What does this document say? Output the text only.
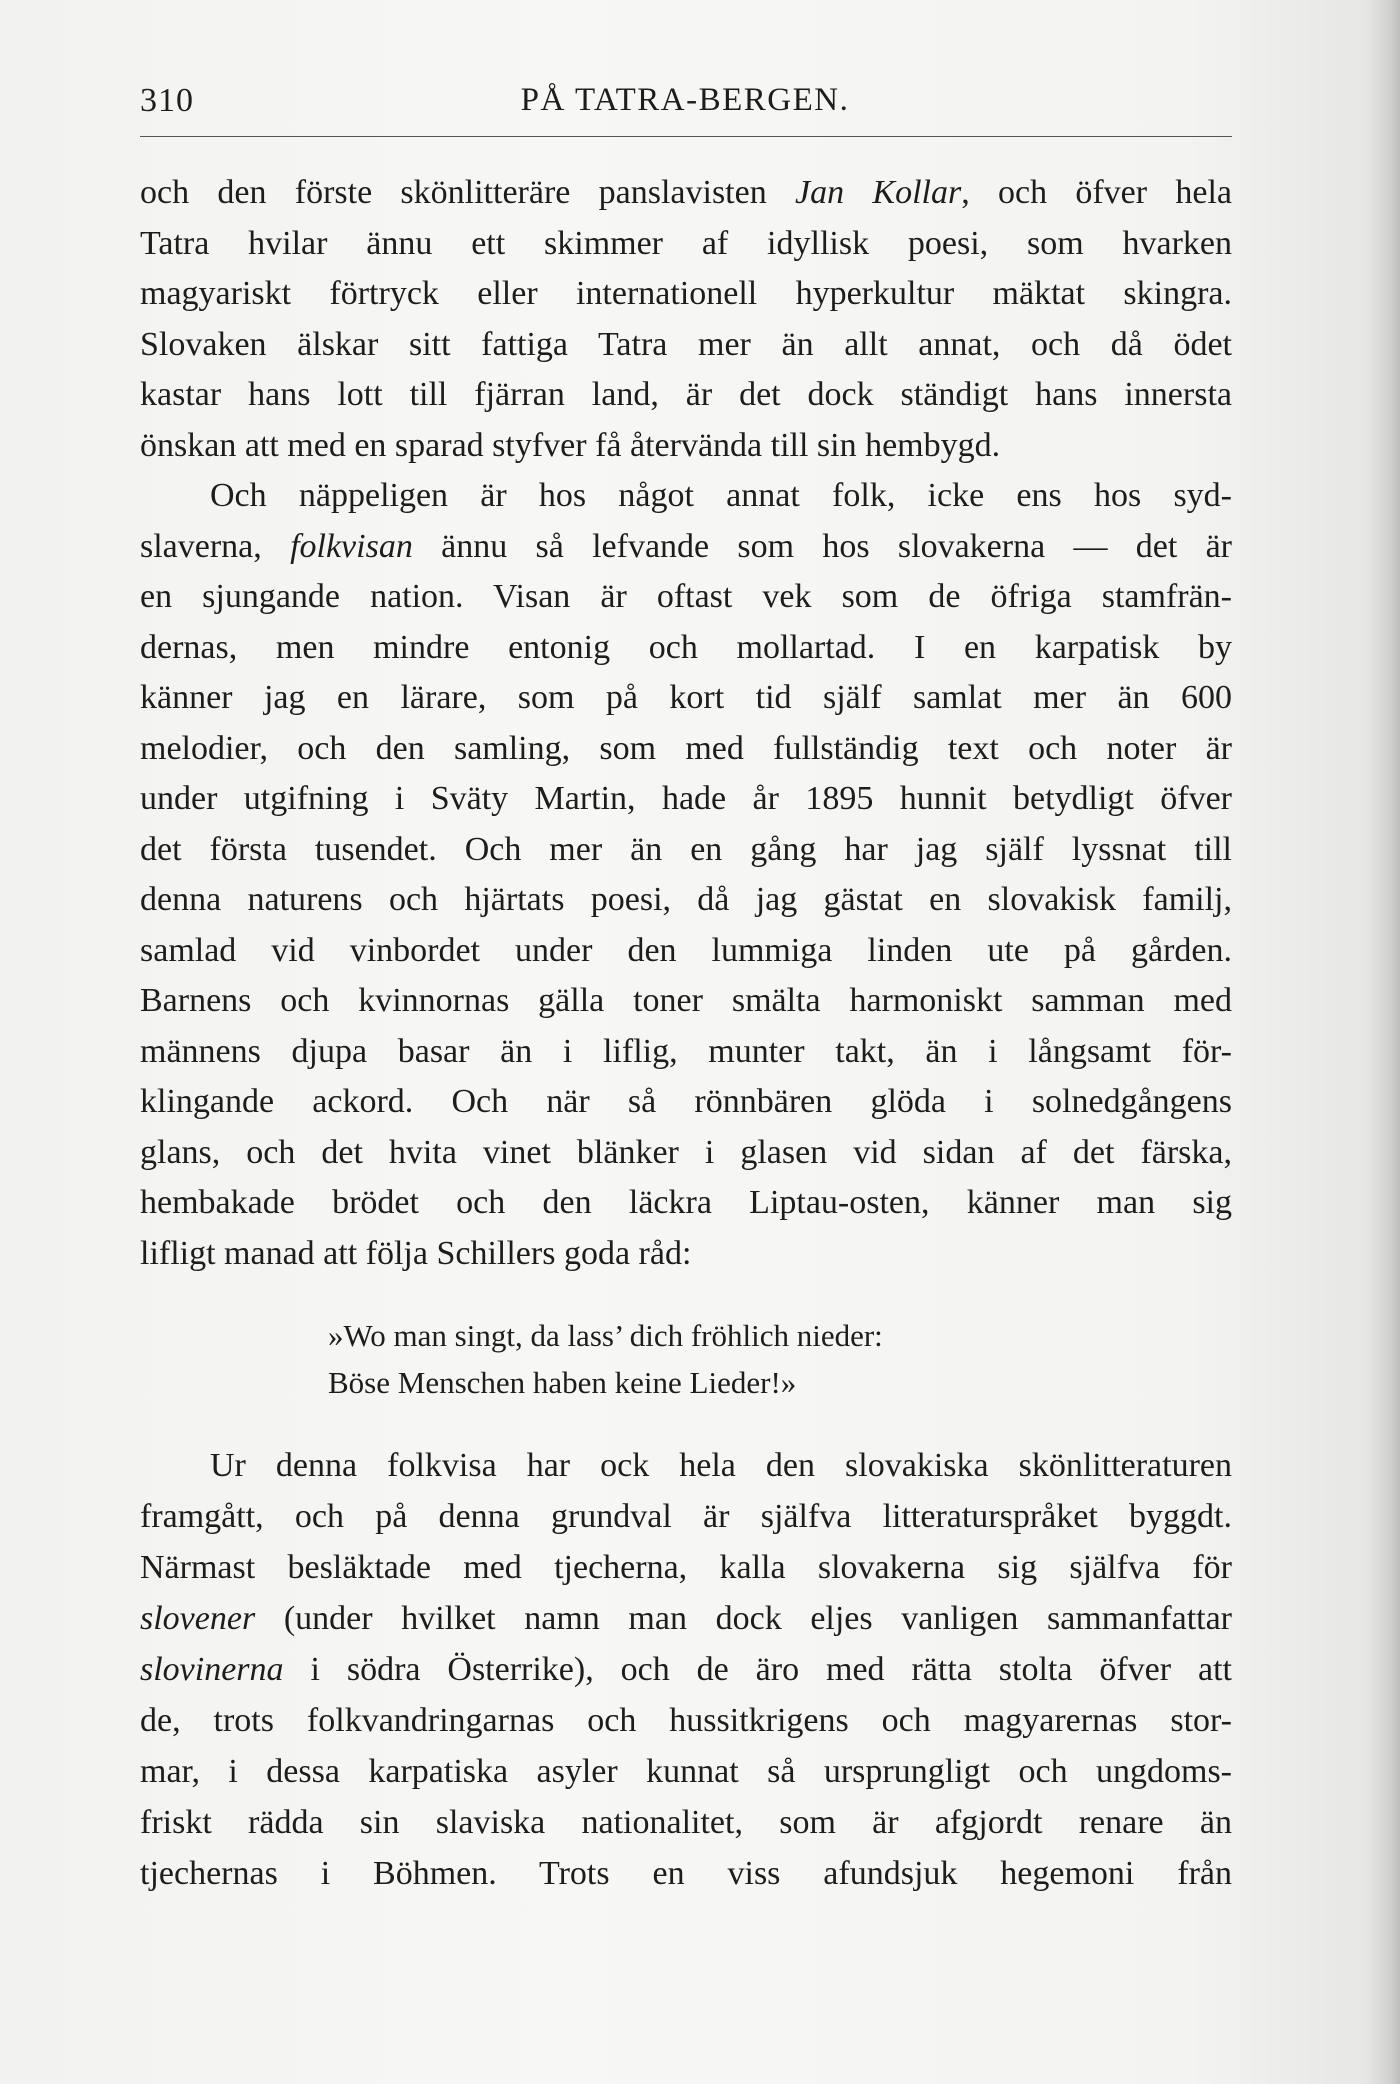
310	PÅ TATRA-BERGEN.
och den förste skönlitteräre panslavisten Jan Kollar, och öfver hela
Tatra hvilar ännu ett skimmer af idyllisk poesi, som hvarken
magyariskt förtryck eller internationell hyperkultur mäktat skingra.
Slovaken älskar sitt fattiga Tatra mer än allt annat, och då ödet
kastar hans lott till fjärran land, är det dock ständigt hans innersta
önskan att med en sparad styfver få återvända till sin hembygd.
Och näppeligen är hos något annat folk, icke ens hos syd-
slaverna, folkvisan ännu så lefvande som hos slovakerna — det är
en sjungande nation. Visan är oftast vek som de öfriga stamfrän-
dernas, men mindre entonig och mollartad. I en karpatisk by
känner jag en lärare, som på kort tid själf samlat mer än 600
melodier, och den samling, som med fullständig text och noter är
under utgifning i Sväty Martin, hade år 1895 hunnit betydligt öfver
det första tusendet. Och mer än en gång har jag själf lyssnat till
denna naturens och hjärtats poesi, då jag gästat en slovakisk familj,
samlad vid vinbordet under den lummiga linden ute på gården.
Barnens och kvinnornas gälla toner smälta harmoniskt samman med
männens djupa basar än i liflig, munter takt, än i långsamt för-
klingande ackord. Och när så rönnbären glöda i solnedgångens
glans, och det hvita vinet blänker i glasen vid sidan af det färska,
hembakade brödet och den läckra Liptau-osten, känner man sig
lifligt manad att följa Schillers goda råd:
»Wo man singt, da lass’ dich fröhlich nieder:
Böse Menschen haben keine Lieder!»
Ur denna folkvisa har ock hela den slovakiska skönlitteraturen
framgått, och på denna grundval är själfva litteraturspråket byggdt.
Närmast besläktade med tjecherna, kalla slovakerna sig själfva för
slovener (under hvilket namn man dock eljes vanligen sammanfattar
slovinerna i södra Österrike), och de äro med rätta stolta öfver att
de, trots folkvandringarnas och hussitkrigens och magyarernas stor-
mar, i dessa karpatiska asyler kunnat så ursprungligt och ungdoms-
friskt rädda sin slaviska nationalitet, som är afgjordt renare än
tjechernas i Böhmen. Trots en viss afundsjuk hegemoni från
